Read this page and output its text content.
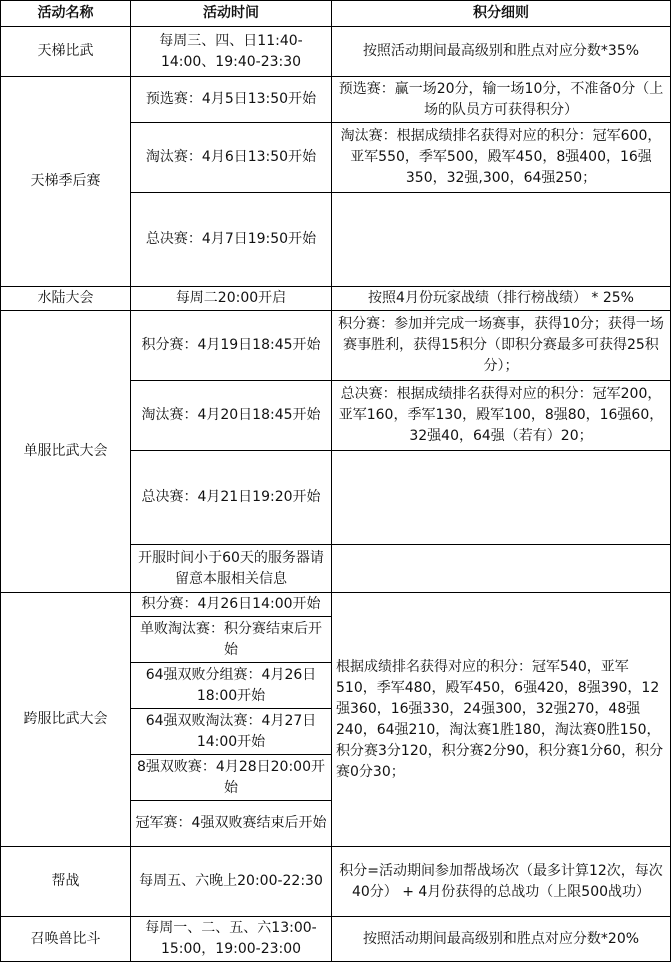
活动名称	活动时间	积分细则
天梯比武	每周三、四、日11:40-14:00、19:40-23:30	按照活动期间最高级别和胜点对应分数*35%
天梯季后赛	预选赛：4月5日13:50开始	预选赛：赢一场20分，输一场10分，不准备0分（上场的队员方可获得积分）
	淘汰赛：4月6日13:50开始	淘汰赛：根据成绩排名获得对应的积分：冠军600，亚军550，季军500，殿军450，8强400，16强350，32强,300，64强250；
	总决赛：4月7日19:50开始	
水陆大会	每周二20:00开启	按照4月份玩家战绩（排行榜战绩） * 25%
单服比武大会	积分赛：4月19日18:45开始	积分赛：参加并完成一场赛事，获得10分；获得一场赛事胜利，获得15积分（即积分赛最多可获得25积分）；
	淘汰赛：4月20日18:45开始	总决赛：根据成绩排名获得对应的积分：冠军200，亚军160，季军130，殿军100，8强80，16强60，32强40，64强（若有）20；
	总决赛：4月21日19:20开始	
	开服时间小于60天的服务器请留意本服相关信息	
跨服比武大会	积分赛：4月26日14:00开始	根据成绩排名获得对应的积分：冠军540，亚军510，季军480，殿军450，6强420，8强390，12强360，16强330，24强300，32强270，48强240，64强210，淘汰赛1胜180，淘汰赛0胜150，积分赛3分120，积分赛2分90，积分赛1分60，积分赛0分30；
	单败淘汰赛：积分赛结束后开始	
	64强双败分组赛：4月26日18:00开始	
	64强双败淘汰赛：4月27日14:00开始	
	8强双败赛：4月28日20:00开始	
	冠军赛：4强双败赛结束后开始	
帮战	每周五、六晚上20:00-22:30	积分=活动期间参加帮战场次（最多计算12次，每次40分） + 4月份获得的总战功（上限500战功）
召唤兽比斗	每周一、二、五、六13:00-15:00，19:00-23:00	按照活动期间最高级别和胜点对应分数*20%
